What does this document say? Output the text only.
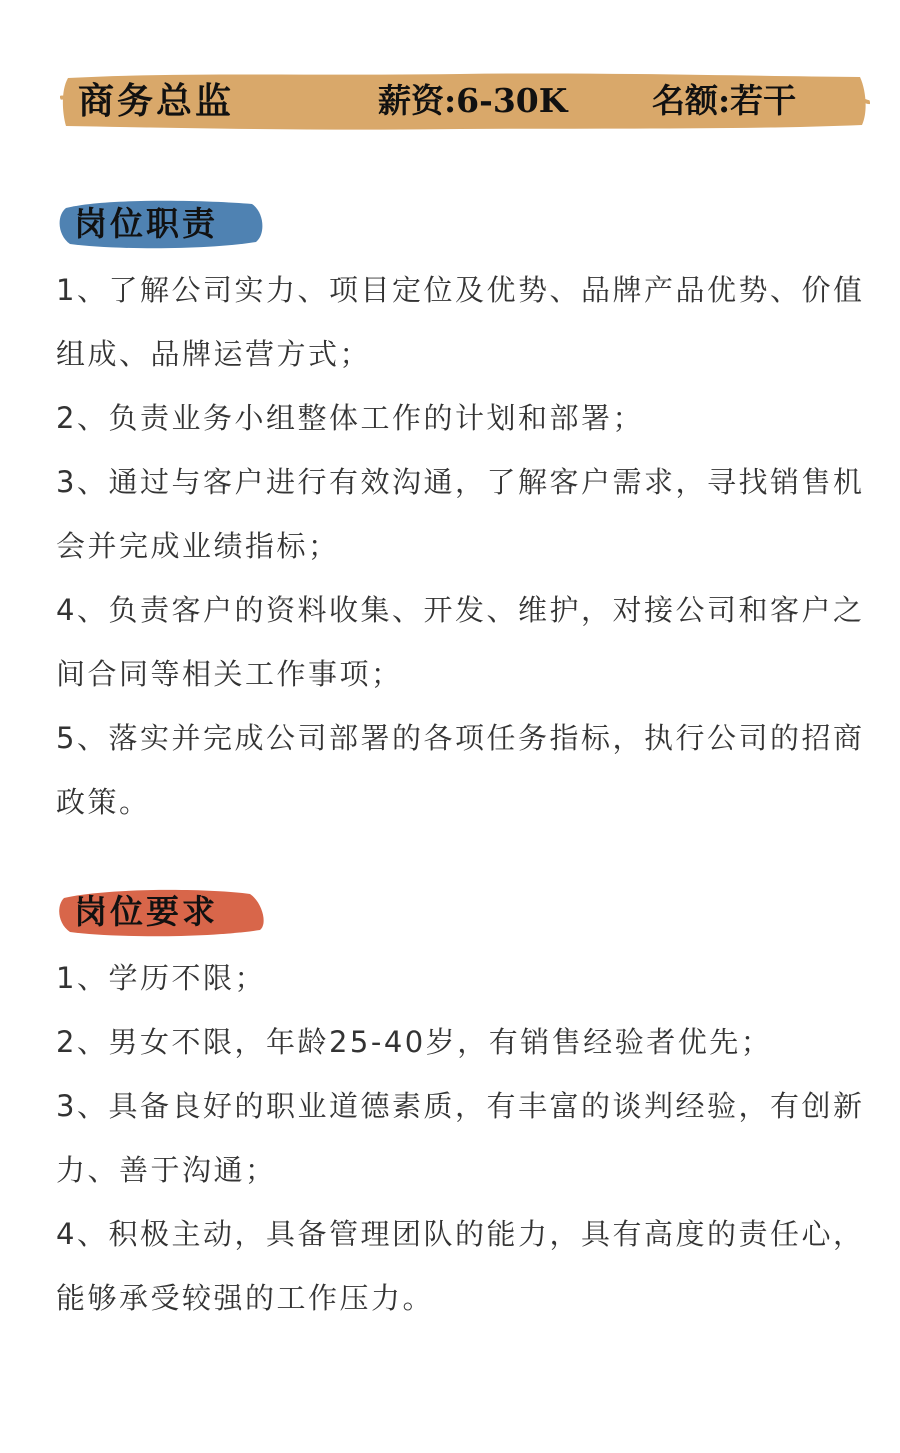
商务总监	薪资:6-30K	名额:若干
岗位职责
1、了解公司实力、项目定位及优势、品牌产品优势、价值组成、品牌运营方式；
2、负责业务小组整体工作的计划和部署；
3、通过与客户进行有效沟通，了解客户需求，寻找销售机会并完成业绩指标；
4、负责客户的资料收集、开发、维护，对接公司和客户之间合同等相关工作事项；
5、落实并完成公司部署的各项任务指标，执行公司的招商政策。
岗位要求
1、学历不限；
2、男女不限，年龄25-40岁，有销售经验者优先；
3、具备良好的职业道德素质，有丰富的谈判经验，有创新力、善于沟通；
4、积极主动，具备管理团队的能力，具有高度的责任心，能够承受较强的工作压力。
